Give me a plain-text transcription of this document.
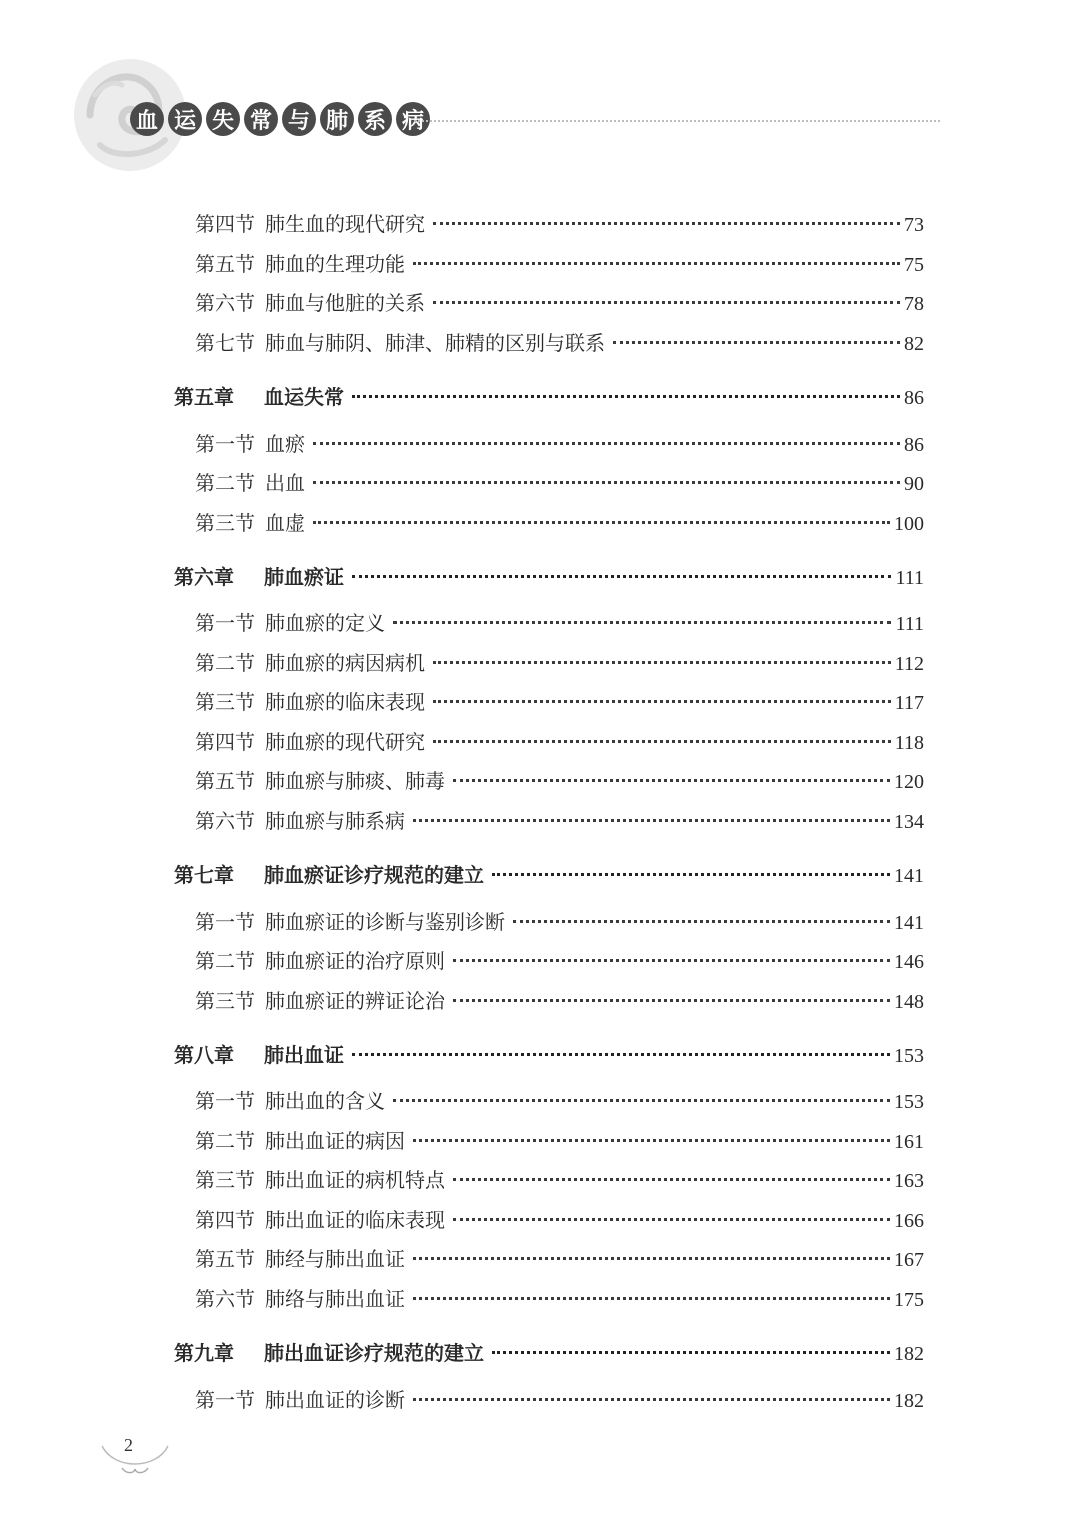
血 运 失 常 与 肺 系 病
第四节 肺生血的现代研究	73
第五节 肺血的生理功能	75
第六节 肺血与他脏的关系	78
第七节 肺血与肺阴、肺津、肺精的区别与联系	82
第五章	血运失常	86
第一节 血瘀	86
第二节 出血	90
第三节 血虚	100
第六章	肺血瘀证	111
第一节 肺血瘀的定义	111
第二节 肺血瘀的病因病机	112
第三节 肺血瘀的临床表现	117
第四节 肺血瘀的现代研究	118
第五节 肺血瘀与肺痰、肺毒	120
第六节 肺血瘀与肺系病	134
第七章	肺血瘀证诊疗规范的建立	141
第一节 肺血瘀证的诊断与鉴别诊断	141
第二节 肺血瘀证的治疗原则	146
第三节 肺血瘀证的辨证论治	148
第八章	肺出血证	153
第一节 肺出血的含义	153
第二节 肺出血证的病因	161
第三节 肺出血证的病机特点	163
第四节 肺出血证的临床表现	166
第五节 肺经与肺出血证	167
第六节 肺络与肺出血证	175
第九章	肺出血证诊疗规范的建立	182
第一节 肺出血证的诊断	182
2
